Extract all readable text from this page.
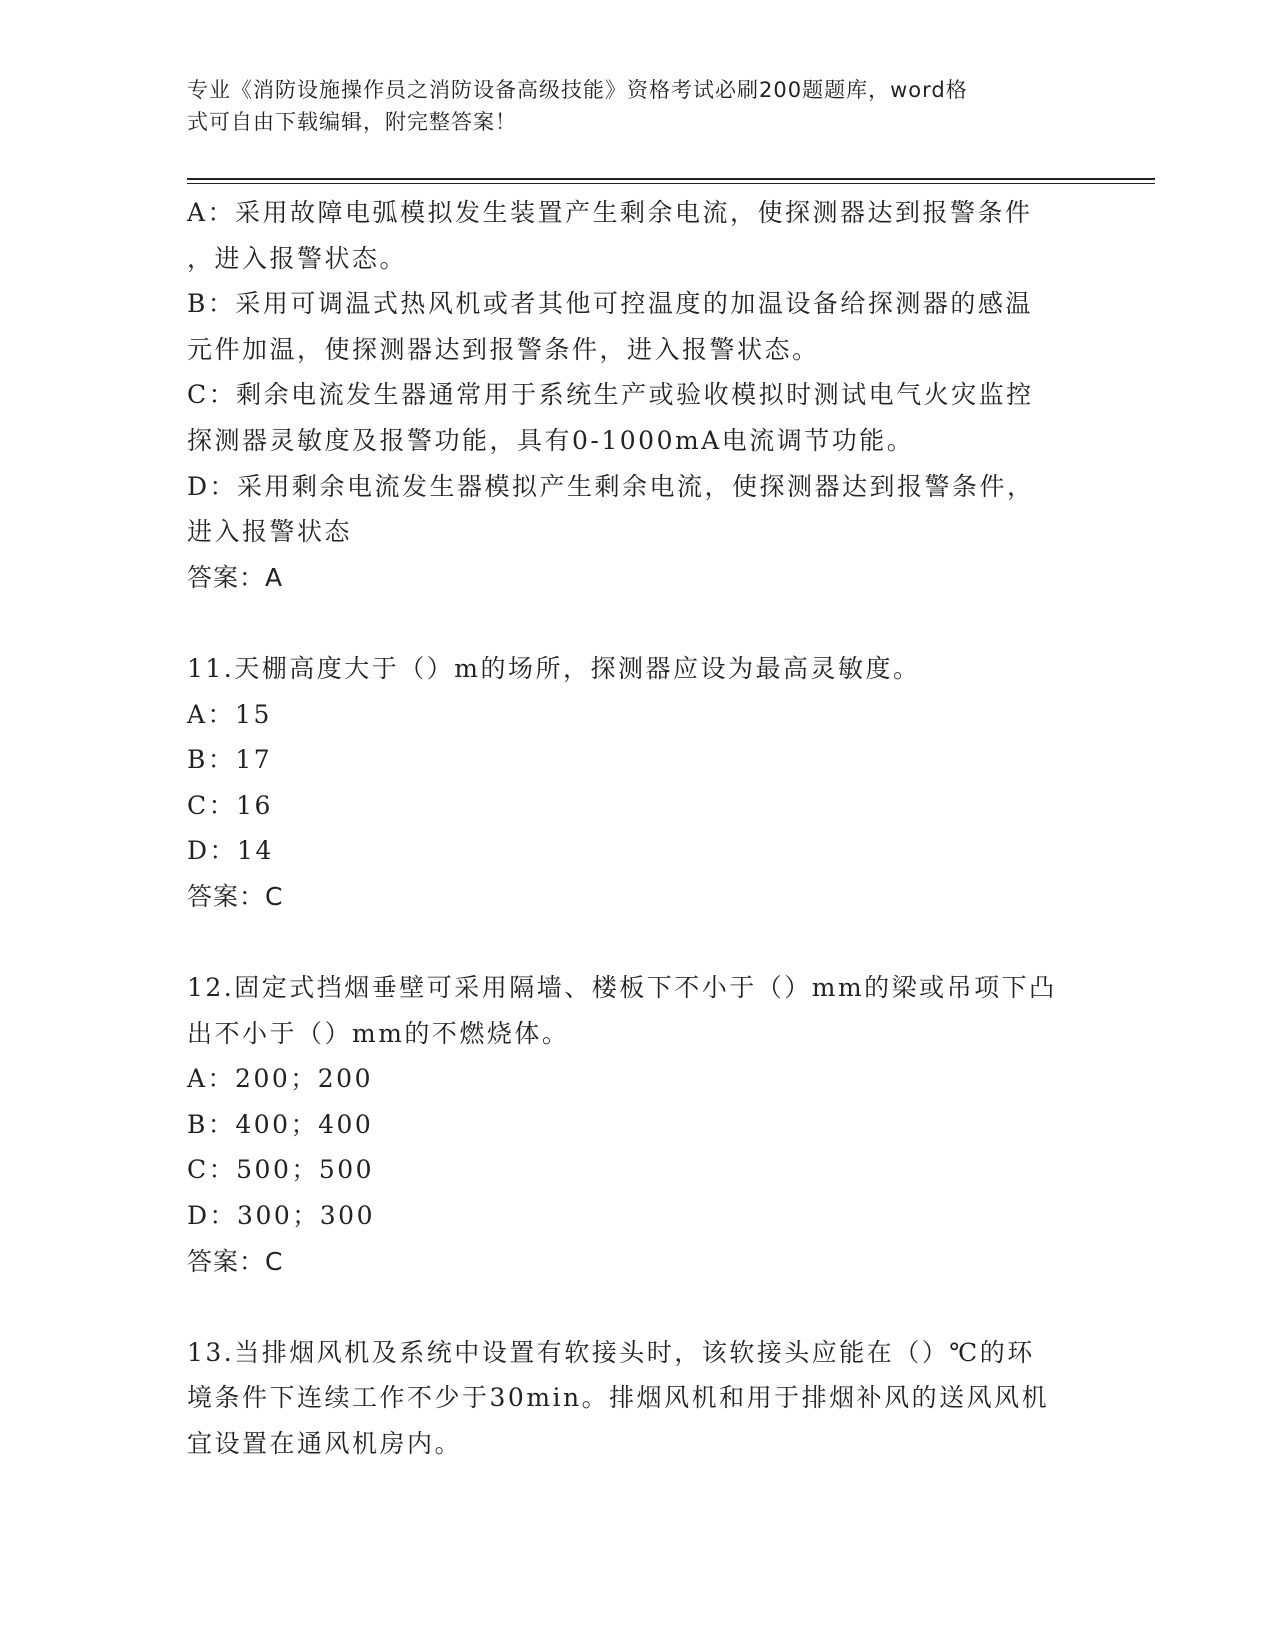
专业《消防设施操作员之消防设备高级技能》资格考试必刷200题题库，word格
式可自由下载编辑，附完整答案！
A：采用故障电弧模拟发生装置产生剩余电流，使探测器达到报警条件
，进入报警状态。
B：采用可调温式热风机或者其他可控温度的加温设备给探测器的感温
元件加温，使探测器达到报警条件，进入报警状态。
C：剩余电流发生器通常用于系统生产或验收模拟时测试电气火灾监控
探测器灵敏度及报警功能，具有0-1000mA电流调节功能。
D：采用剩余电流发生器模拟产生剩余电流，使探测器达到报警条件，
进入报警状态
答案：A
11.天棚高度大于（）m的场所，探测器应设为最高灵敏度。
A：15
B：17
C：16
D：14
答案：C
12.固定式挡烟垂壁可采用隔墙、楼板下不小于（）mm的梁或吊项下凸
出不小于（）mm的不燃烧体。
A：200；200
B：400；400
C：500；500
D：300；300
答案：C
13.当排烟风机及系统中设置有软接头时，该软接头应能在（）℃的环
境条件下连续工作不少于30min。排烟风机和用于排烟补风的送风风机
宜设置在通风机房内。
